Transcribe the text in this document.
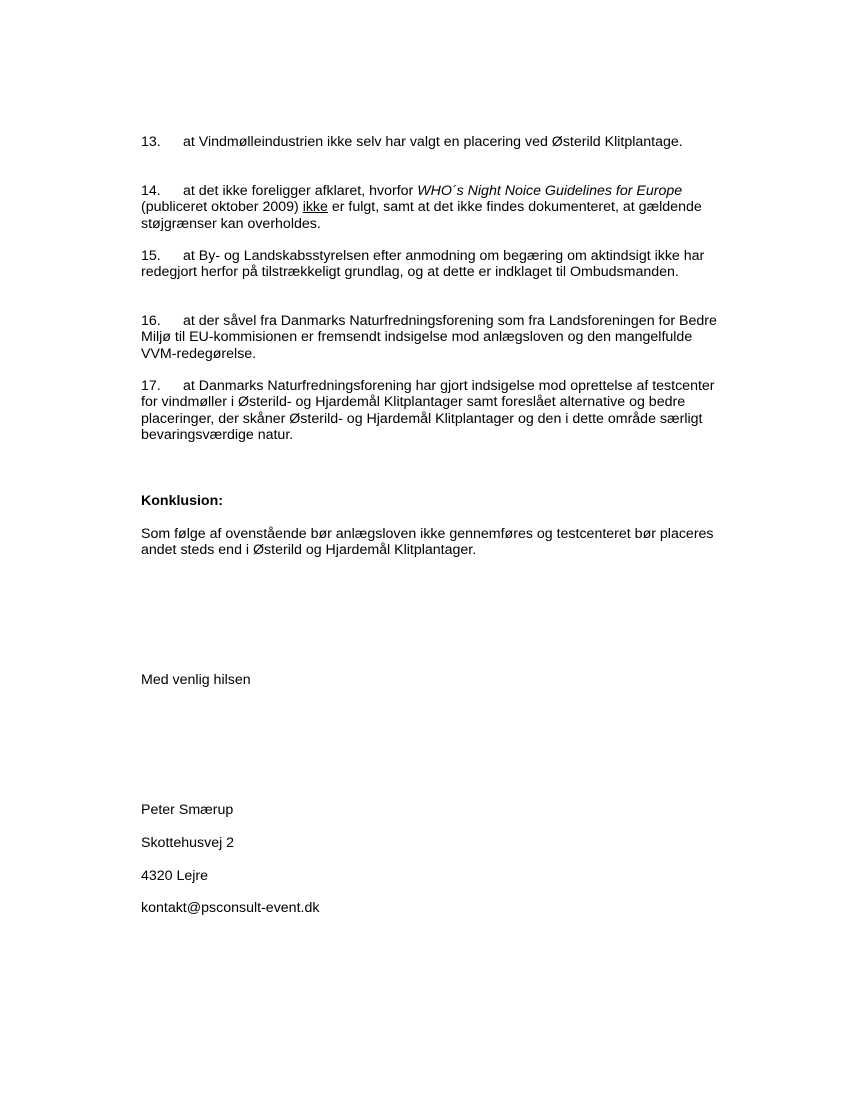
13. at Vindmølleindustrien ikke selv har valgt en placering ved Østerild Klitplantage.

14. at det ikke foreligger afklaret, hvorfor WHO´s Night Noice Guidelines for Europe (publiceret oktober 2009) ikke er fulgt, samt at det ikke findes dokumenteret, at gældende støjgrænser kan overholdes.

15. at By- og Landskabsstyrelsen efter anmodning om begæring om aktindsigt ikke har redegjort herfor på tilstrækkeligt grundlag, og at dette er indklaget til Ombudsmanden.

16. at der såvel fra Danmarks Naturfredningsforening som fra Landsforeningen for Bedre Miljø til EU-kommisionen er fremsendt indsigelse mod anlægsloven og den mangelfulde VVM-redegørelse.

17. at Danmarks Naturfredningsforening har gjort indsigelse mod oprettelse af testcenter for vindmøller i Østerild- og Hjardemål Klitplantager samt foreslået alternative og bedre placeringer, der skåner Østerild- og Hjardemål Klitplantager og den i dette område særligt bevaringsværdige natur.

Konklusion:

Som følge af ovenstående bør anlægsloven ikke gennemføres og testcenteret bør placeres andet steds end i Østerild og Hjardemål Klitplantager.

Med venlig hilsen

Peter Smærup

Skottehusvej 2

4320 Lejre

kontakt@psconsult-event.dk
